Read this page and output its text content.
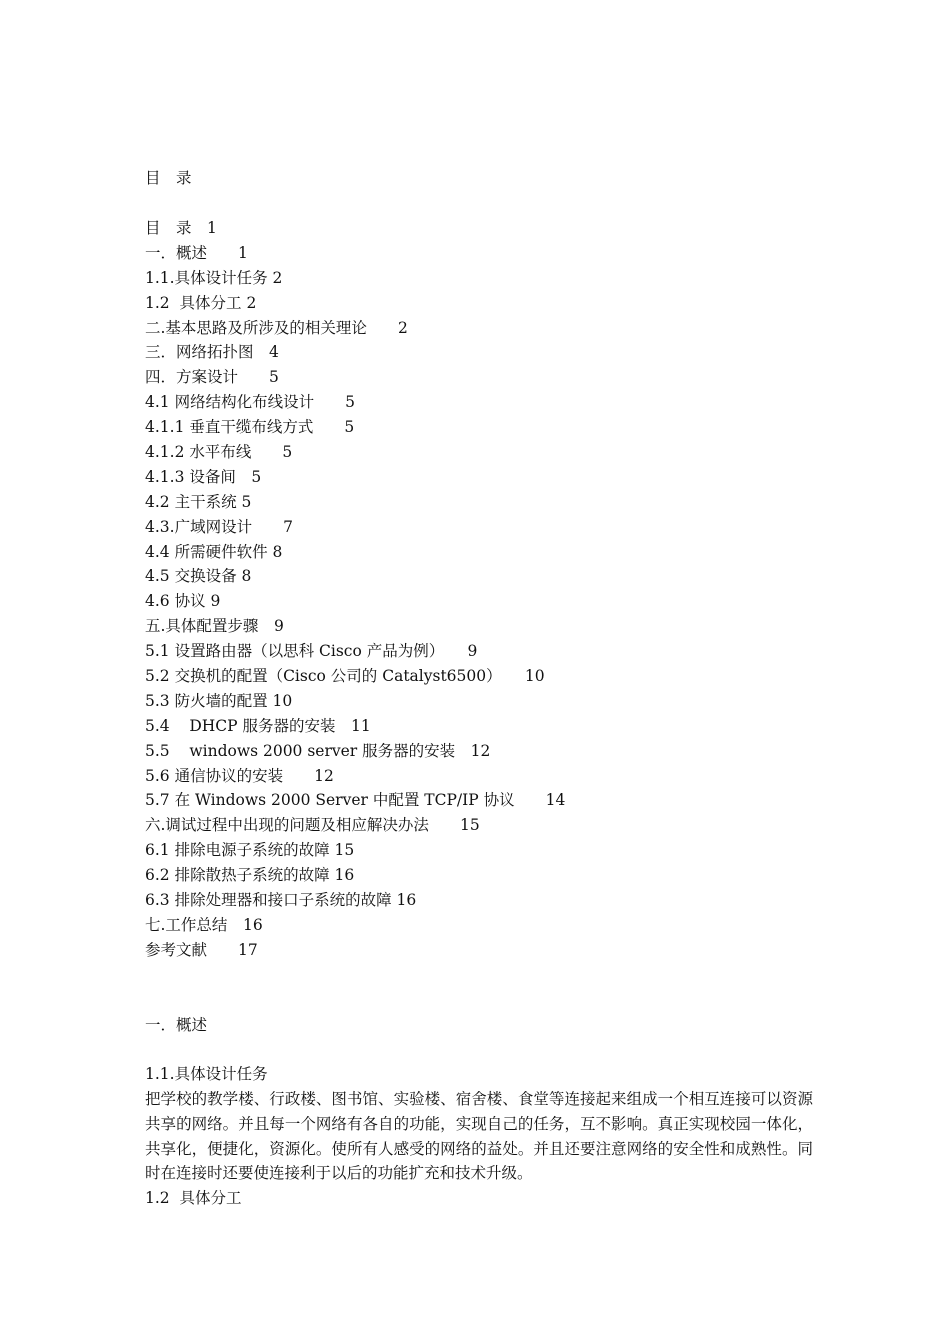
目　录
目　录　 1
一．概述　　 1
1.1.具体设计任务 2
1.2  具体分工 2
二.基本思路及所涉及的相关理论　　 2
三．网络拓扑图　 4
四．方案设计　　 5
4.1 网络结构化布线设计　　 5
4.1.1 垂直干缆布线方式　　 5
4.1.2 水平布线　　 5
4.1.3 设备间　 5
4.2 主干系统 5
4.3.广域网设计　　 7
4.4 所需硬件软件 8
4.5 交换设备 8
4.6 协议 9
五.具体配置步骤　 9
5.1 设置路由器（以思科 Cisco 产品为例）　　 9
5.2 交换机的配置（Cisco 公司的 Catalyst6500）　　 10
5.3 防火墙的配置 10
5.4    DHCP 服务器的安装　 11
5.5    windows 2000 server 服务器的安装　 12
5.6 通信协议的安装　　 12
5.7 在 Windows 2000 Server 中配置 TCP/IP 协议　　 14
六.调试过程中出现的问题及相应解决办法　　 15
6.1 排除电源子系统的故障 15
6.2 排除散热子系统的故障 16
6.3 排除处理器和接口子系统的故障 16
七.工作总结　 16
参考文献　　 17
一．概述
1.1.具体设计任务

把学校的教学楼、行政楼、图书馆、实验楼、宿舍楼、食堂等连接起来组成一个相互连接可以资源共享的网络。并且每一个网络有各自的功能，实现自己的任务，互不影响。真正实现校园一体化，共享化，便捷化，资源化。使所有人感受的网络的益处。并且还要注意网络的安全性和成熟性。同时在连接时还要使连接利于以后的功能扩充和技术升级。

1.2  具体分工
